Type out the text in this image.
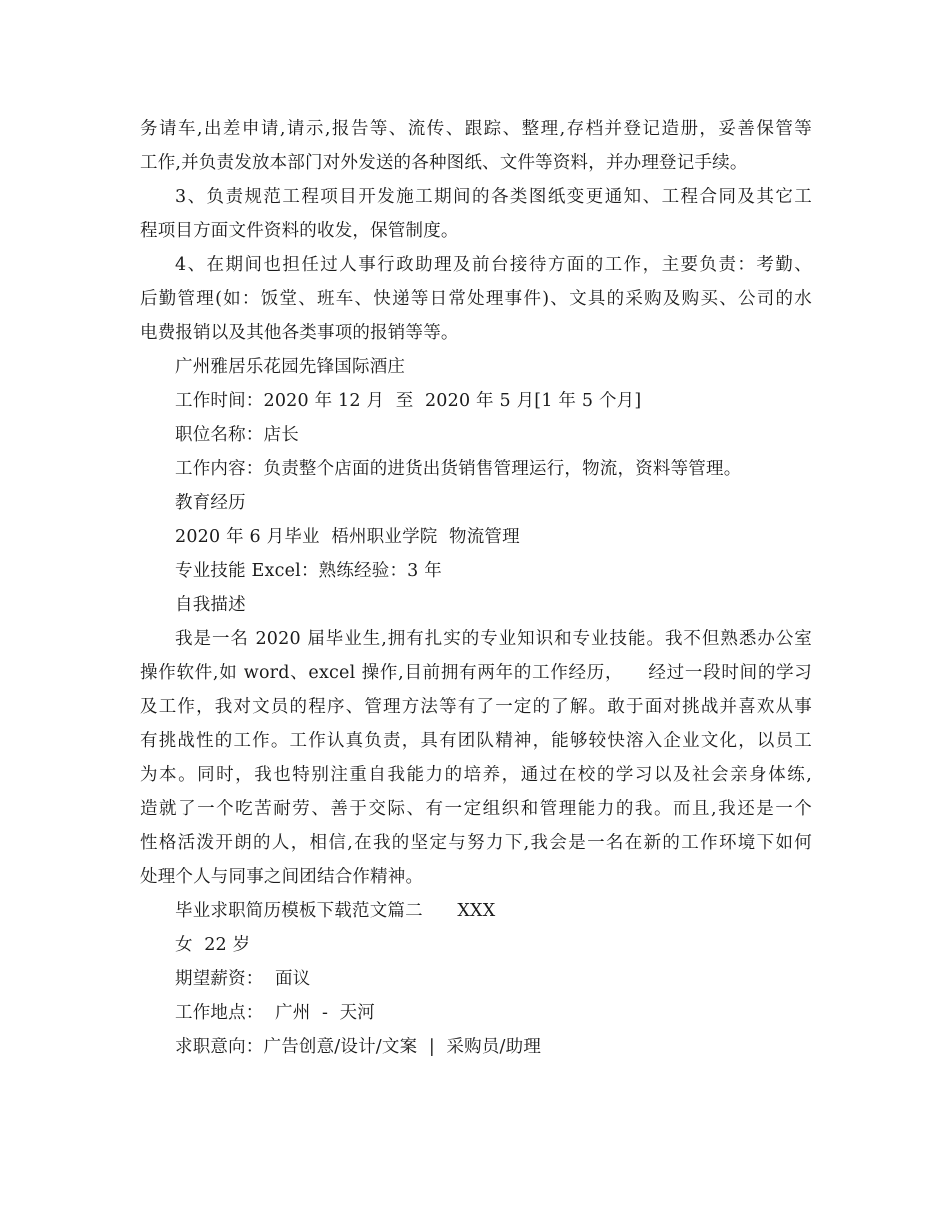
务请车,出差申请,请示,报告等、流传、跟踪、整理,存档并登记造册，妥善保管等
工作,并负责发放本部门对外发送的各种图纸、文件等资料，并办理登记手续。
3、负责规范工程项目开发施工期间的各类图纸变更通知、工程合同及其它工
程项目方面文件资料的收发，保管制度。
4、在期间也担任过人事行政助理及前台接待方面的工作，主要负责：考勤、
后勤管理(如：饭堂、班车、快递等日常处理事件)、文具的采购及购买、公司的水
电费报销以及其他各类事项的报销等等。
广州雅居乐花园先锋国际酒庄
工作时间：2020 年 12 月  至  2020 年 5 月[1 年 5 个月]
职位名称：店长
工作内容：负责整个店面的进货出货销售管理运行，物流，资料等管理。
教育经历
2020 年 6 月毕业  梧州职业学院  物流管理
专业技能 Excel：熟练经验：3 年
自我描述
我是一名 2020 届毕业生,拥有扎实的专业知识和专业技能。我不但熟悉办公室
操作软件,如 word、excel 操作,目前拥有两年的工作经历，    经过一段时间的学习
及工作，我对文员的程序、管理方法等有了一定的了解。敢于面对挑战并喜欢从事
有挑战性的工作。工作认真负责，具有团队精神，能够较快溶入企业文化，以员工
为本。同时，我也特别注重自我能力的培养，通过在校的学习以及社会亲身体练,
造就了一个吃苦耐劳、善于交际、有一定组织和管理能力的我。而且,我还是一个
性格活泼开朗的人，相信,在我的坚定与努力下,我会是一名在新的工作环境下如何
处理个人与同事之间团结合作精神。
毕业求职简历模板下载范文篇二      XXX
女  22 岁
期望薪资：  面议
工作地点：  广州  -  天河
求职意向：广告创意/设计/文案  |  采购员/助理
